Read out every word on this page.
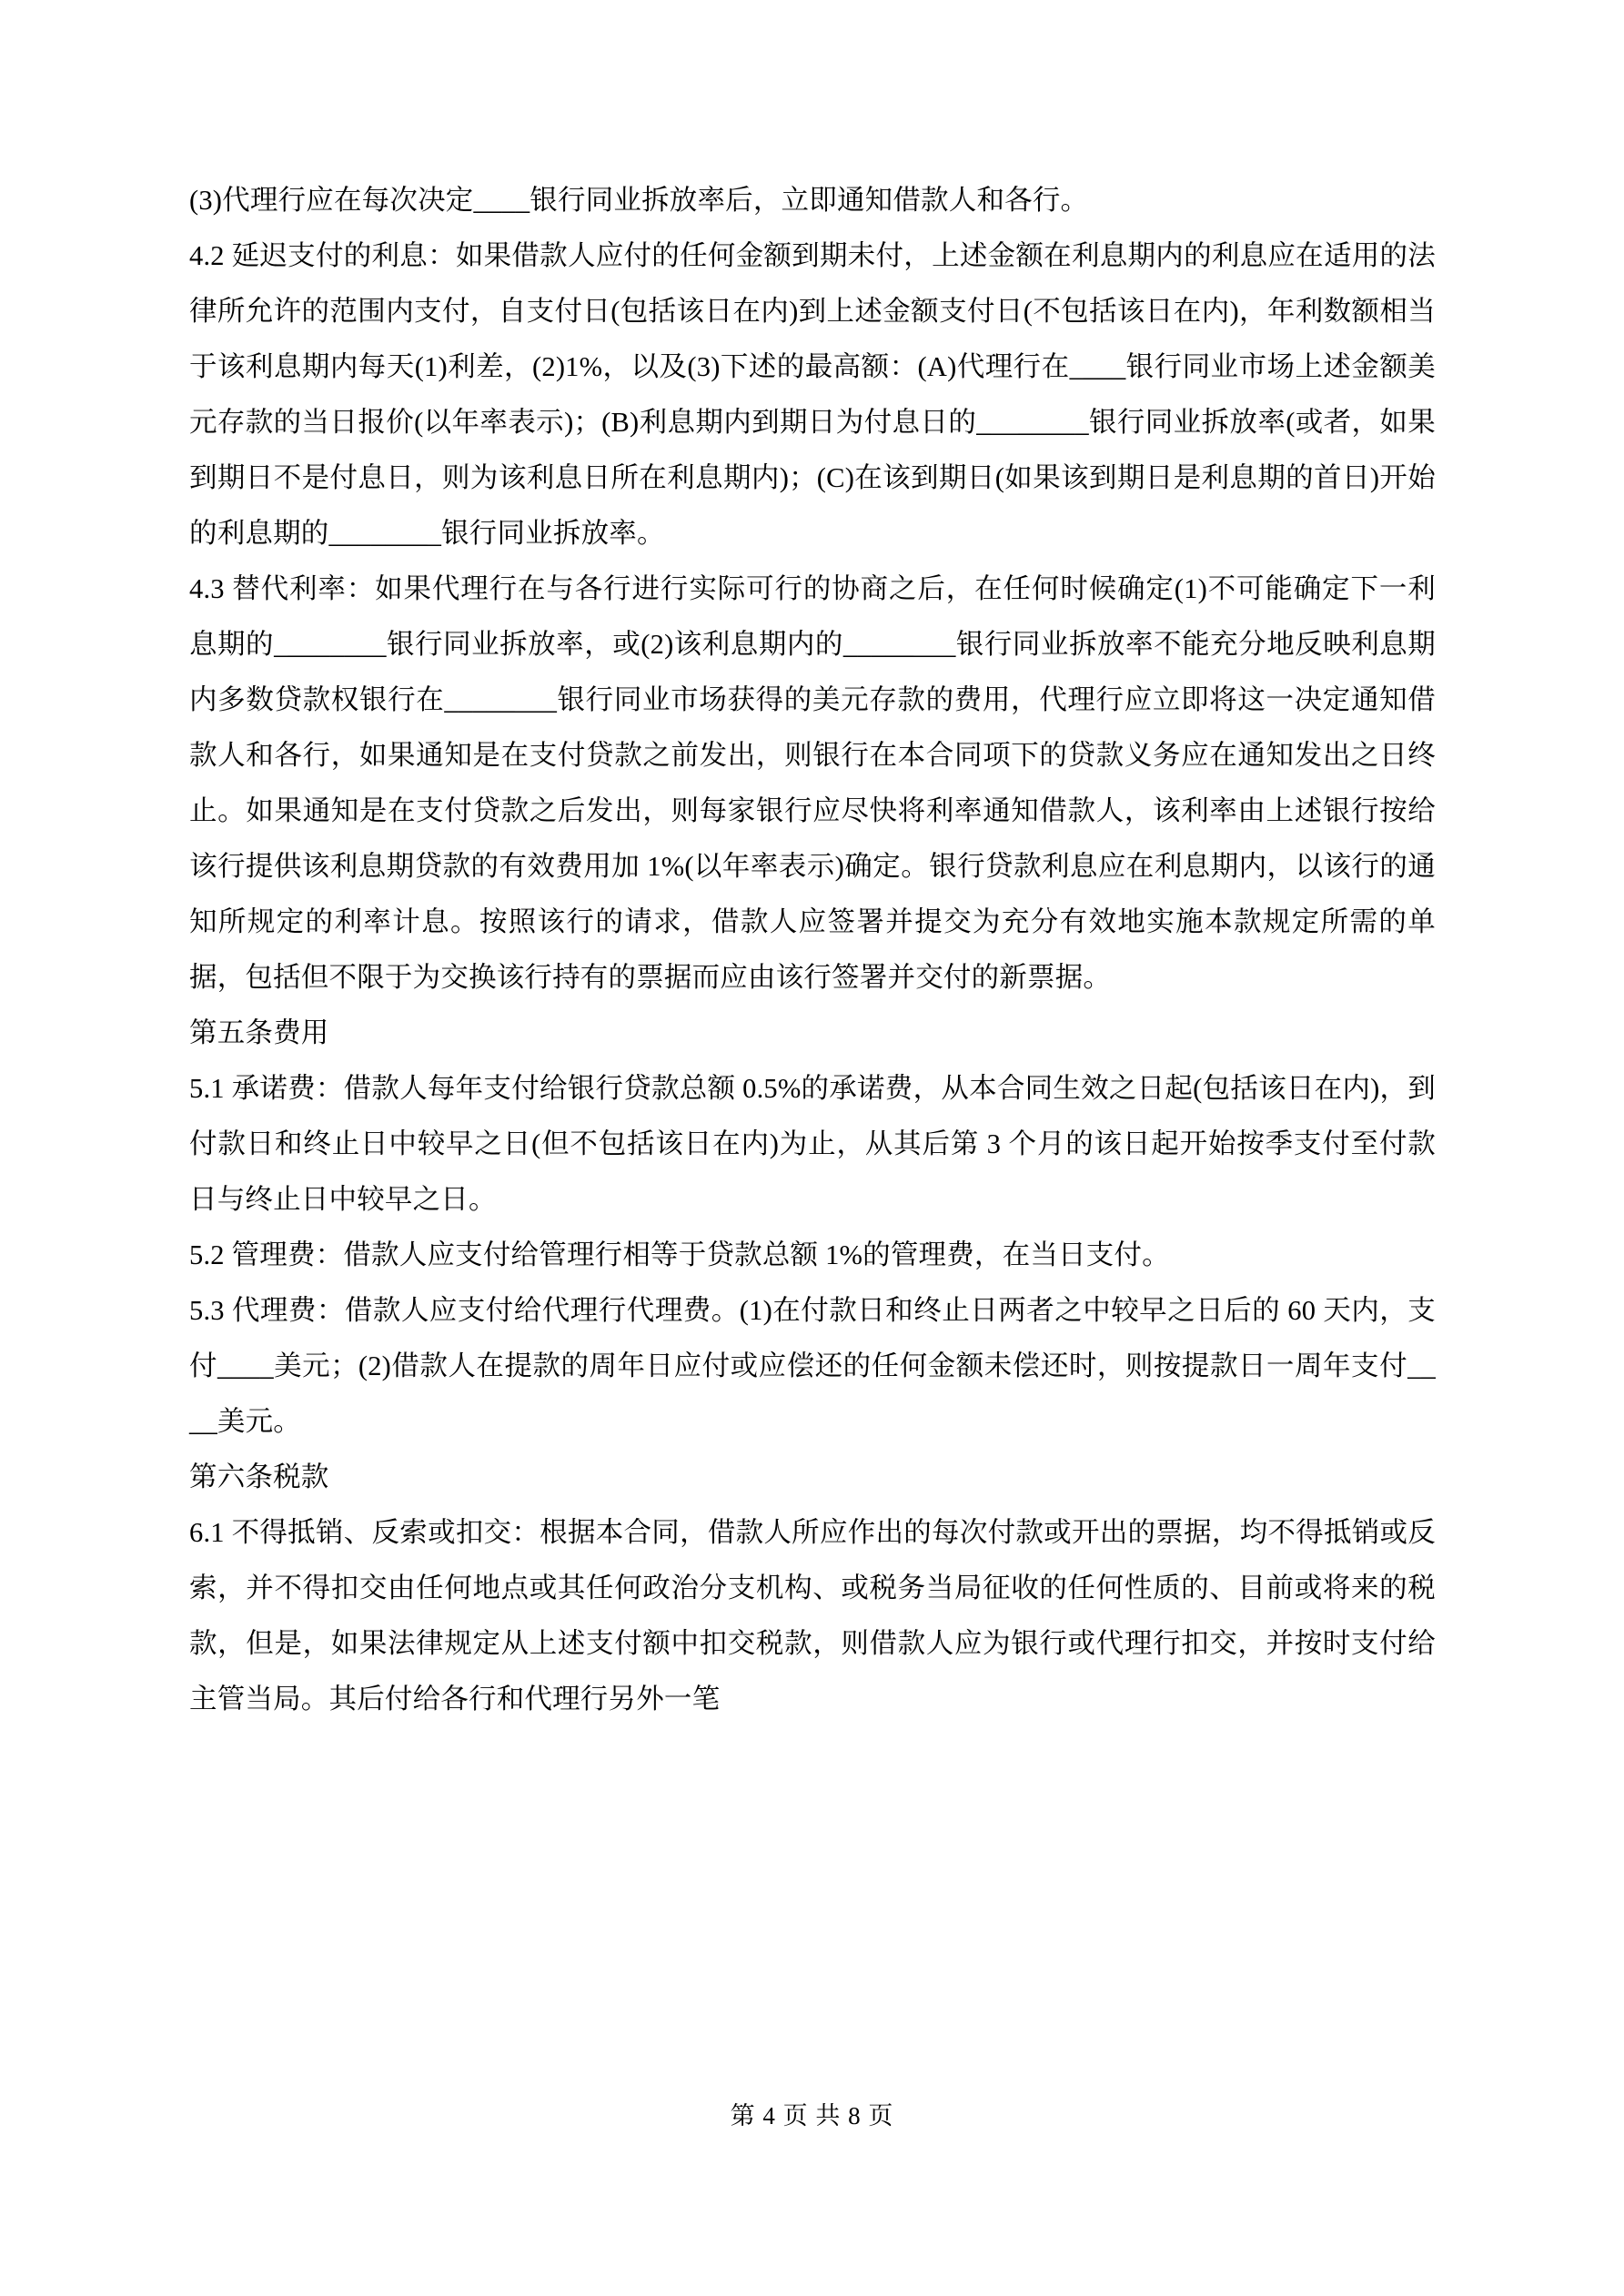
(3)代理行应在每次决定____银行同业拆放率后，立即通知借款人和各行。

4.2 延迟支付的利息：如果借款人应付的任何金额到期未付，上述金额在利息期内的利息应在适用的法律所允许的范围内支付，自支付日(包括该日在内)到上述金额支付日(不包括该日在内)，年利数额相当于该利息期内每天(1)利差，(2)1%，以及(3)下述的最高额：(A)代理行在____银行同业市场上述金额美元存款的当日报价(以年率表示)；(B)利息期内到期日为付息日的________银行同业拆放率(或者，如果到期日不是付息日，则为该利息日所在利息期内)；(C)在该到期日(如果该到期日是利息期的首日)开始的利息期的________银行同业拆放率。

4.3 替代利率：如果代理行在与各行进行实际可行的协商之后，在任何时候确定(1)不可能确定下一利息期的________银行同业拆放率，或(2)该利息期内的________银行同业拆放率不能充分地反映利息期内多数贷款权银行在________银行同业市场获得的美元存款的费用，代理行应立即将这一决定通知借款人和各行，如果通知是在支付贷款之前发出，则银行在本合同项下的贷款义务应在通知发出之日终止。如果通知是在支付贷款之后发出，则每家银行应尽快将利率通知借款人，该利率由上述银行按给该行提供该利息期贷款的有效费用加 1%(以年率表示)确定。银行贷款利息应在利息期内，以该行的通知所规定的利率计息。按照该行的请求，借款人应签署并提交为充分有效地实施本款规定所需的单据，包括但不限于为交换该行持有的票据而应由该行签署并交付的新票据。

第五条费用

5.1 承诺费：借款人每年支付给银行贷款总额 0.5%的承诺费，从本合同生效之日起(包括该日在内)，到付款日和终止日中较早之日(但不包括该日在内)为止，从其后第 3 个月的该日起开始按季支付至付款日与终止日中较早之日。

5.2 管理费：借款人应支付给管理行相等于贷款总额 1%的管理费，在当日支付。

5.3 代理费：借款人应支付给代理行代理费。(1)在付款日和终止日两者之中较早之日后的 60 天内，支付____美元；(2)借款人在提款的周年日应付或应偿还的任何金额未偿还时，则按提款日一周年支付____美元。

第六条税款

6.1 不得抵销、反索或扣交：根据本合同，借款人所应作出的每次付款或开出的票据，均不得抵销或反索，并不得扣交由任何地点或其任何政治分支机构、或税务当局征收的任何性质的、目前或将来的税款，但是，如果法律规定从上述支付额中扣交税款，则借款人应为银行或代理行扣交，并按时支付给主管当局。其后付给各行和代理行另外一笔

第 4 页 共 8 页
